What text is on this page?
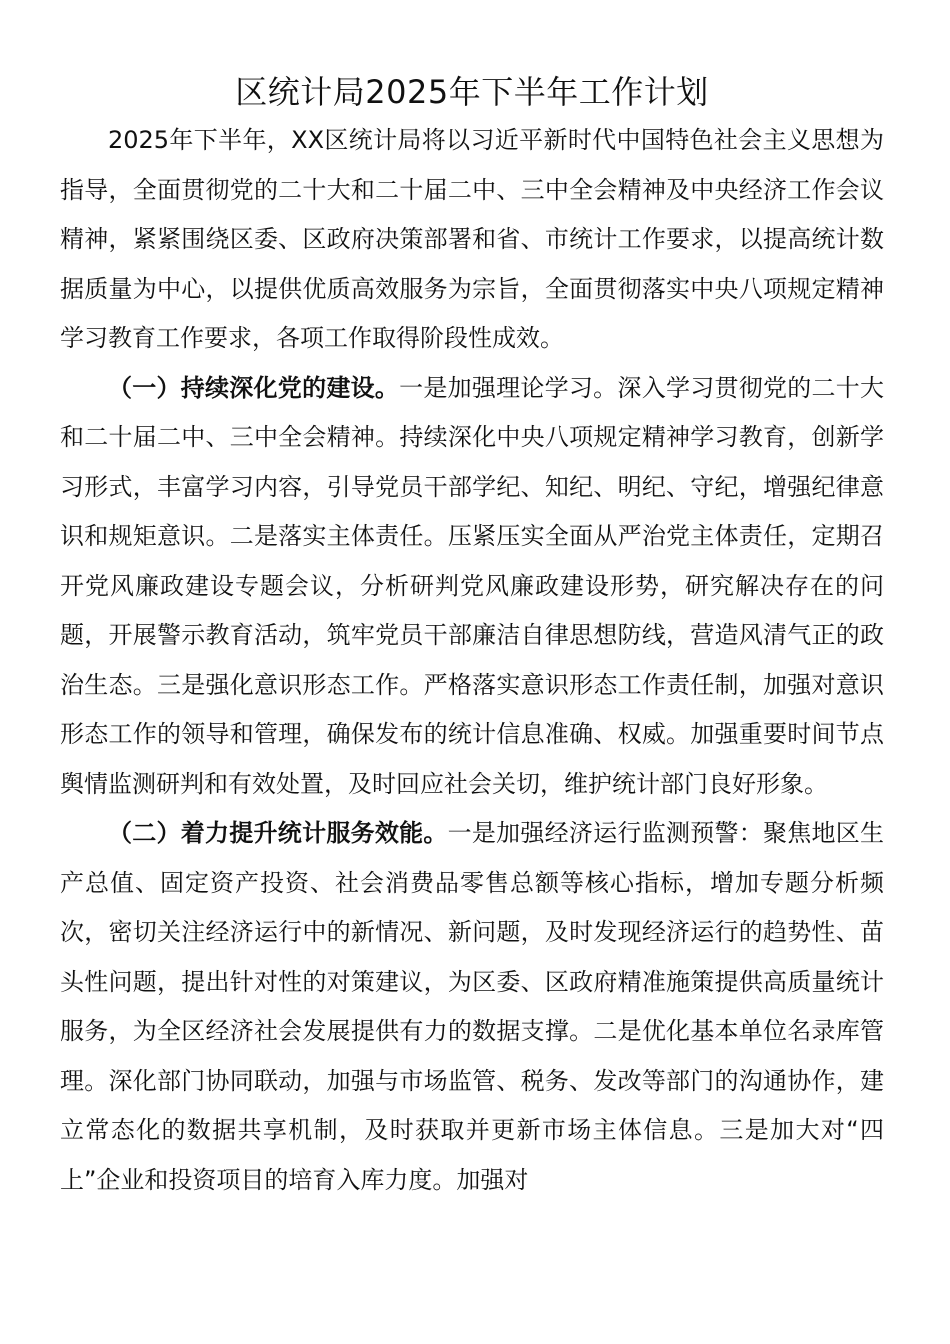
区统计局2025年下半年工作计划

2025年下半年，XX区统计局将以习近平新时代中国特色社会主义思想为指导，全面贯彻党的二十大和二十届二中、三中全会精神及中央经济工作会议精神，紧紧围绕区委、区政府决策部署和省、市统计工作要求，以提高统计数据质量为中心，以提供优质高效服务为宗旨，全面贯彻落实中央八项规定精神学习教育工作要求，各项工作取得阶段性成效。

（一）持续深化党的建设。一是加强理论学习。深入学习贯彻党的二十大和二十届二中、三中全会精神。持续深化中央八项规定精神学习教育，创新学习形式，丰富学习内容，引导党员干部学纪、知纪、明纪、守纪，增强纪律意识和规矩意识。二是落实主体责任。压紧压实全面从严治党主体责任，定期召开党风廉政建设专题会议，分析研判党风廉政建设形势，研究解决存在的问题，开展警示教育活动，筑牢党员干部廉洁自律思想防线，营造风清气正的政治生态。三是强化意识形态工作。严格落实意识形态工作责任制，加强对意识形态工作的领导和管理，确保发布的统计信息准确、权威。加强重要时间节点舆情监测研判和有效处置，及时回应社会关切，维护统计部门良好形象。

（二）着力提升统计服务效能。一是加强经济运行监测预警：聚焦地区生产总值、固定资产投资、社会消费品零售总额等核心指标，增加专题分析频次，密切关注经济运行中的新情况、新问题，及时发现经济运行的趋势性、苗头性问题，提出针对性的对策建议，为区委、区政府精准施策提供高质量统计服务，为全区经济社会发展提供有力的数据支撑。二是优化基本单位名录库管理。深化部门协同联动，加强与市场监管、税务、发改等部门的沟通协作，建立常态化的数据共享机制，及时获取并更新市场主体信息。三是加大对“四上”企业和投资项目的培育入库力度。加强对
